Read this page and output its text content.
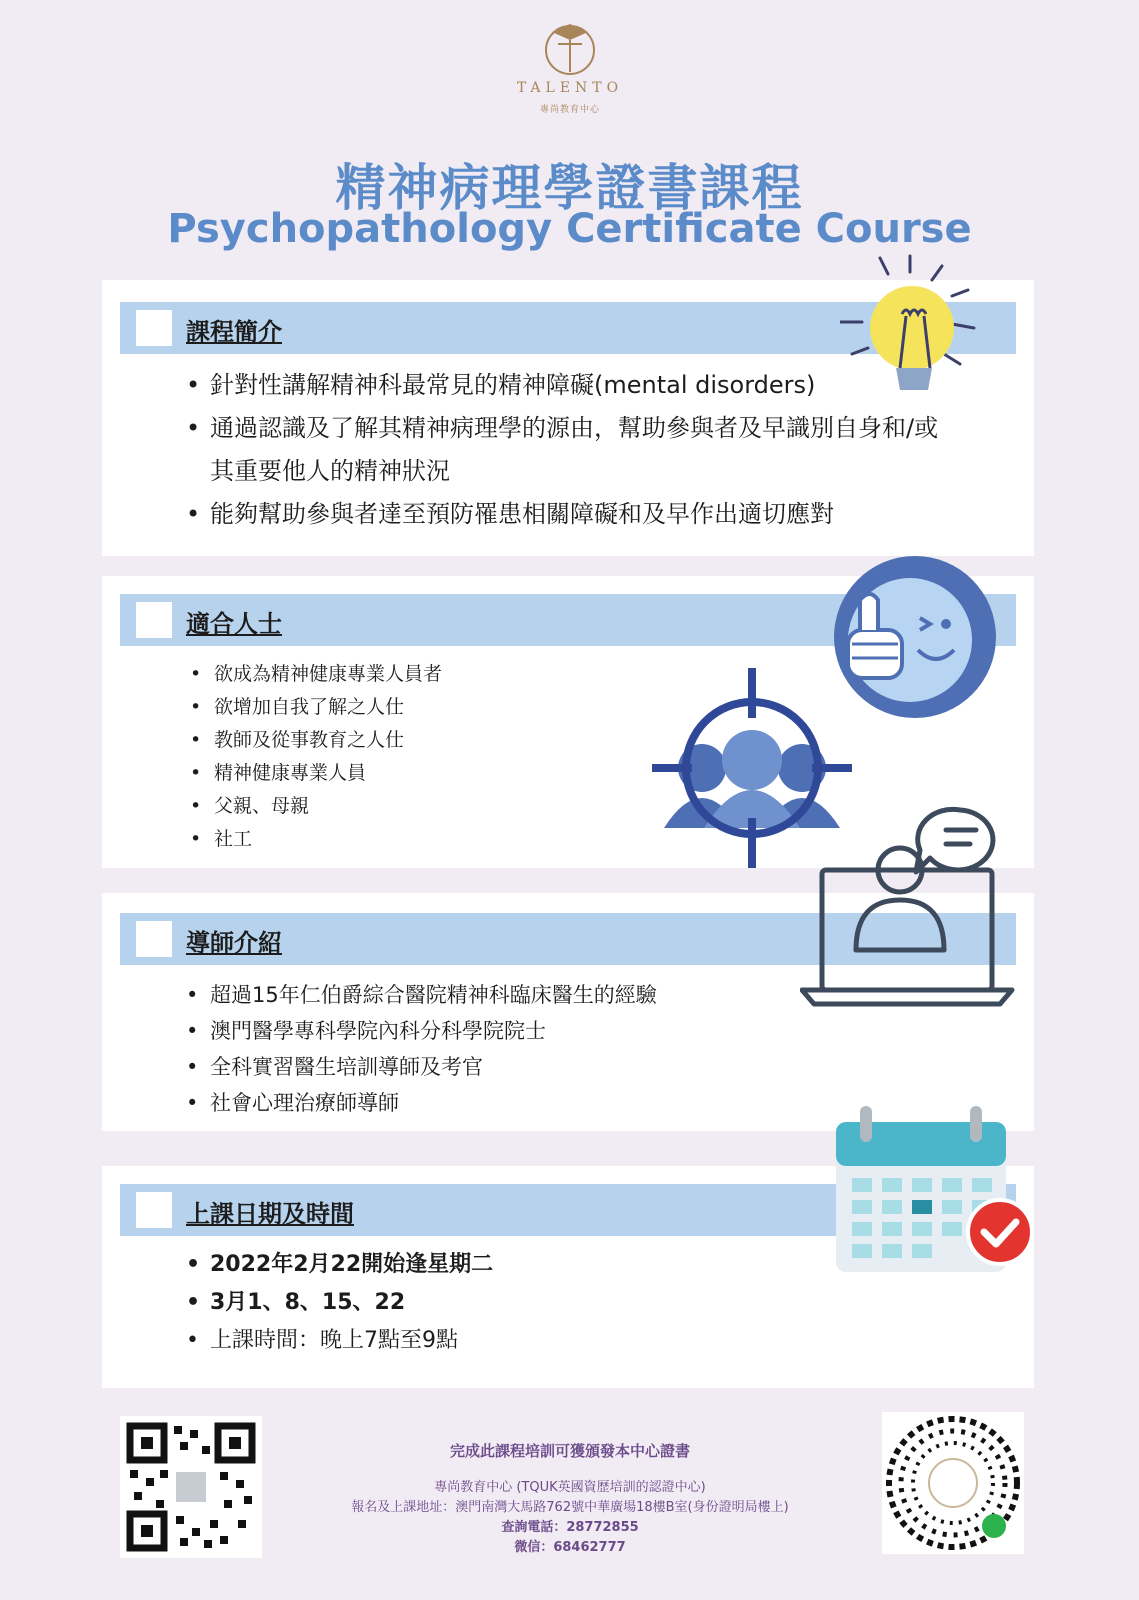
TALENTO
專尚教育中心
精神病理學證書課程
Psychopathology Certificate Course
課程簡介
• 針對性講解精神科最常見的精神障礙(mental disorders)
• 通過認識及了解其精神病理學的源由，幫助參與者及早識別自身和/或其重要他人的精神狀況
• 能夠幫助參與者達至預防罹患相關障礙和及早作出適切應對
適合人士
• 欲成為精神健康專業人員者
• 欲增加自我了解之人仕
• 教師及從事教育之人仕
• 精神健康專業人員
• 父親、母親
• 社工
導師介紹
• 超過15年仁伯爵綜合醫院精神科臨床醫生的經驗
• 澳門醫學專科學院內科分科學院院士
• 全科實習醫生培訓導師及考官
• 社會心理治療師導師
上課日期及時間
• 2022年2月22開始逢星期二
• 3月1、8、15、22
• 上課時間：晚上7點至9點
完成此課程培訓可獲頒發本中心證書
專尚教育中心 (TQUK英國資歷培訓的認證中心)
報名及上課地址：澳門南灣大馬路762號中華廣場18樓B室(身份證明局樓上)
查詢電話：28772855
微信：68462777
